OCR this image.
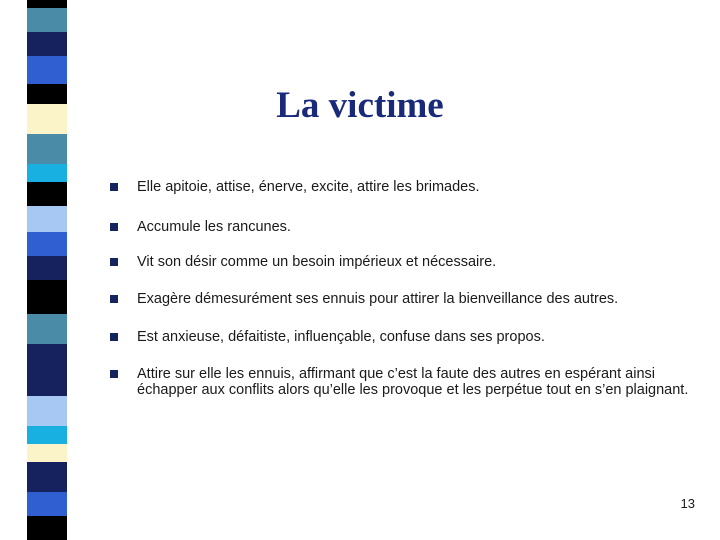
La victime
Elle apitoie, attise, énerve, excite, attire les brimades.
Accumule les rancunes.
Vit son désir comme un besoin impérieux et nécessaire.
Exagère démesurément ses ennuis pour attirer la bienveillance des autres.
Est anxieuse, défaitiste, influençable, confuse dans ses propos.
Attire sur elle les ennuis, affirmant que c’est la faute des autres en espérant ainsi échapper aux conflits alors qu’elle les provoque et les perpétue tout en s’en plaignant.
13
